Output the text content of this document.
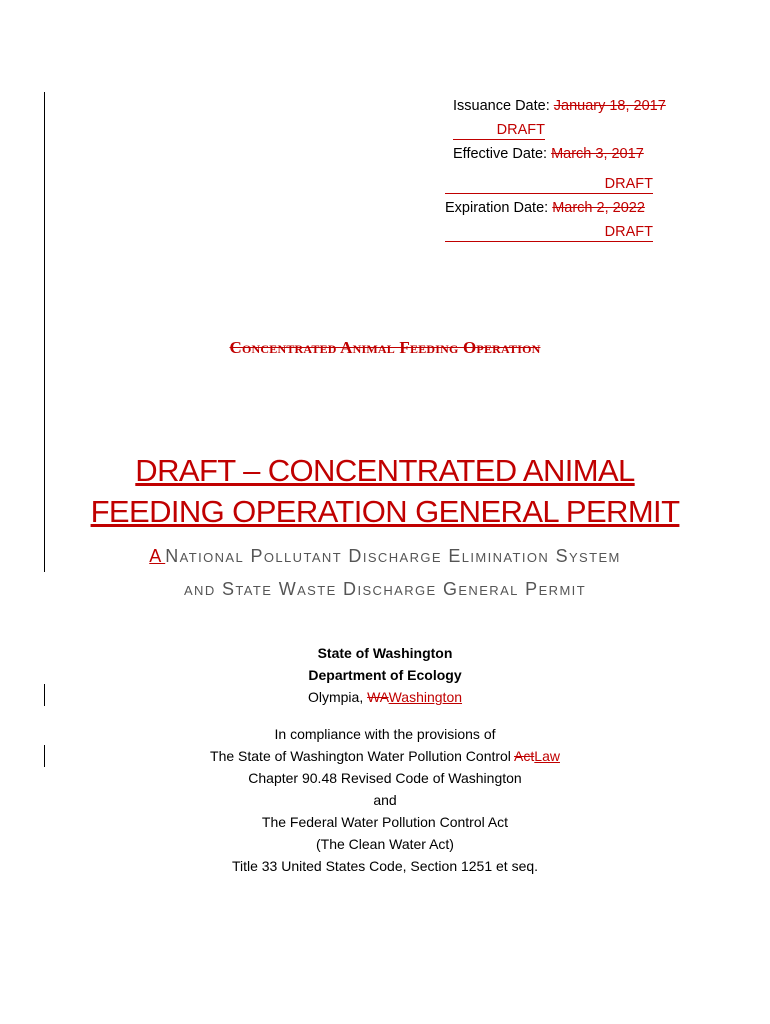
Issuance Date: January 18, 2017
DRAFT
Effective Date: March 3, 2017
DRAFT
Expiration Date: March 2, 2022
DRAFT
Concentrated Animal Feeding Operation
DRAFT – CONCENTRATED ANIMAL
FEEDING OPERATION GENERAL PERMIT
A National Pollutant Discharge Elimination System
and State Waste Discharge General Permit
State of Washington
Department of Ecology
Olympia, WAWashington
In compliance with the provisions of
The State of Washington Water Pollution Control ActLaw
Chapter 90.48 Revised Code of Washington
and
The Federal Water Pollution Control Act
(The Clean Water Act)
Title 33 United States Code, Section 1251 et seq.
